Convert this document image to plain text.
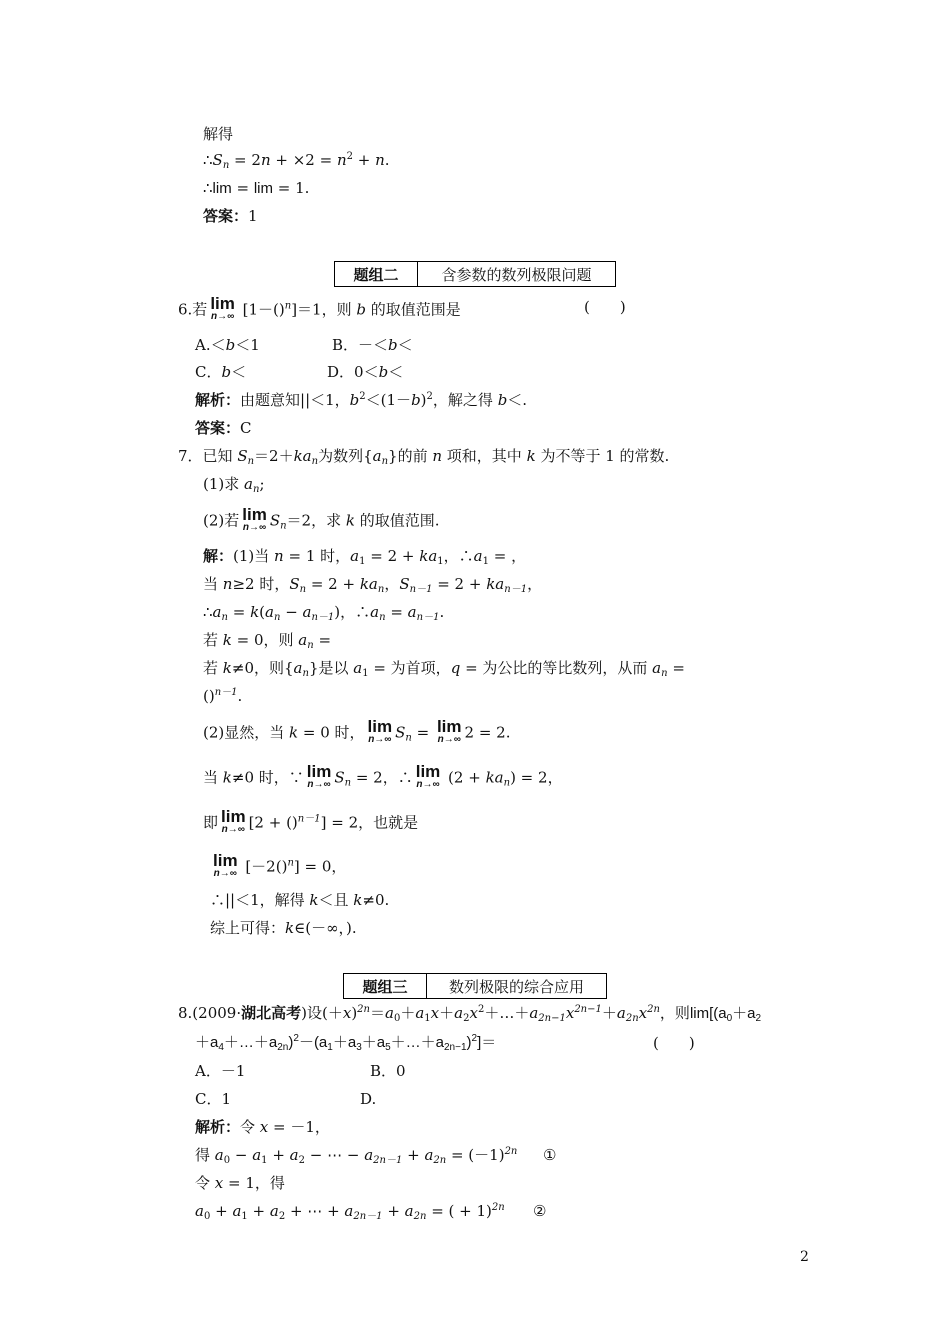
解得
$\therefore S_n = 2n + \times 2 = n^2 + n$.
∴lim = lim = 1.
答案：1
题组二	含参数的数列极限问题
6.若 lim
n→∞ [1－()$^n$]＝1，则 b 的取值范围是	(　　)
A.＜b＜1	B．－＜b＜
C．b＜	D．0＜b＜
解析：由题意知||＜1，$b^2<(1-b)^2$，解之得 b＜.
答案：C
7．已知 $S_n=2+ka_n$为数列$\{a_n\}$的前 n 项和，其中 k 为不等于 1 的常数.
(1)求 $a_n$;
(2)若 lim
n→∞ $S_n=2$，求 k 的取值范围.
解：(1)当 n = 1 时，$a_1 = 2 + ka_1$，$\therefore a_1$ = ，
当 n≥2 时，$S_n = 2 + ka_n$，$S_{n-1} = 2 + ka_{n-1}$，
$\therefore a_n = k(a_n - a_{n-1})$，$\therefore a_n = a_{n-1}$.
若 k = 0，则 $a_n$ =
若 k≠0，则$\{a_n\}$是以 $a_1$ = 为首项，q = 为公比的等比数列，从而 $a_n$ =
()$^{n-1}$.
(2)显然，当 k = 0 时， lim
n→∞ $S_n = \lim$
n→∞ 2 = 2.
当 k≠0 时，∵ lim
n→∞ $S_n = 2$，∴ lim
n→∞ $(2 + ka_n) = 2$，
即 lim
n→∞ [2 + ()$^{n-1}$] = 2，也就是
lim
n→∞ [－2()$^n$] = 0，
∴||＜1，解得 k＜且 k≠0.
综上可得：k∈(－∞，).
题组三	数列极限的综合应用
8.(2009·湖北高考)设$(+x)^{2n}=a_0+a_1x+a_2x^2+\dots+a_{2n-1}x^{2n-1}+a_{2n}x^{2n}$，则$\lim[(a_0+a_2$
$+a_4+\dots+a_{2n})^2-(a_1+a_3+a_5+\dots+a_{2n-1})^2]=$	(　　)
A．－1	B．0
C．1	D.
解析：令 x = －1，
得 $a_0 - a_1 + a_2$ − ⋯ − $a_{2n-1} + a_{2n} = (-1)^{2n}$ ①
令 x = 1，得
$a_0 + a_1 + a_2$ + ⋯ + $a_{2n-1} + a_{2n}$ = ( + 1)$^{2n}$ ②
2
